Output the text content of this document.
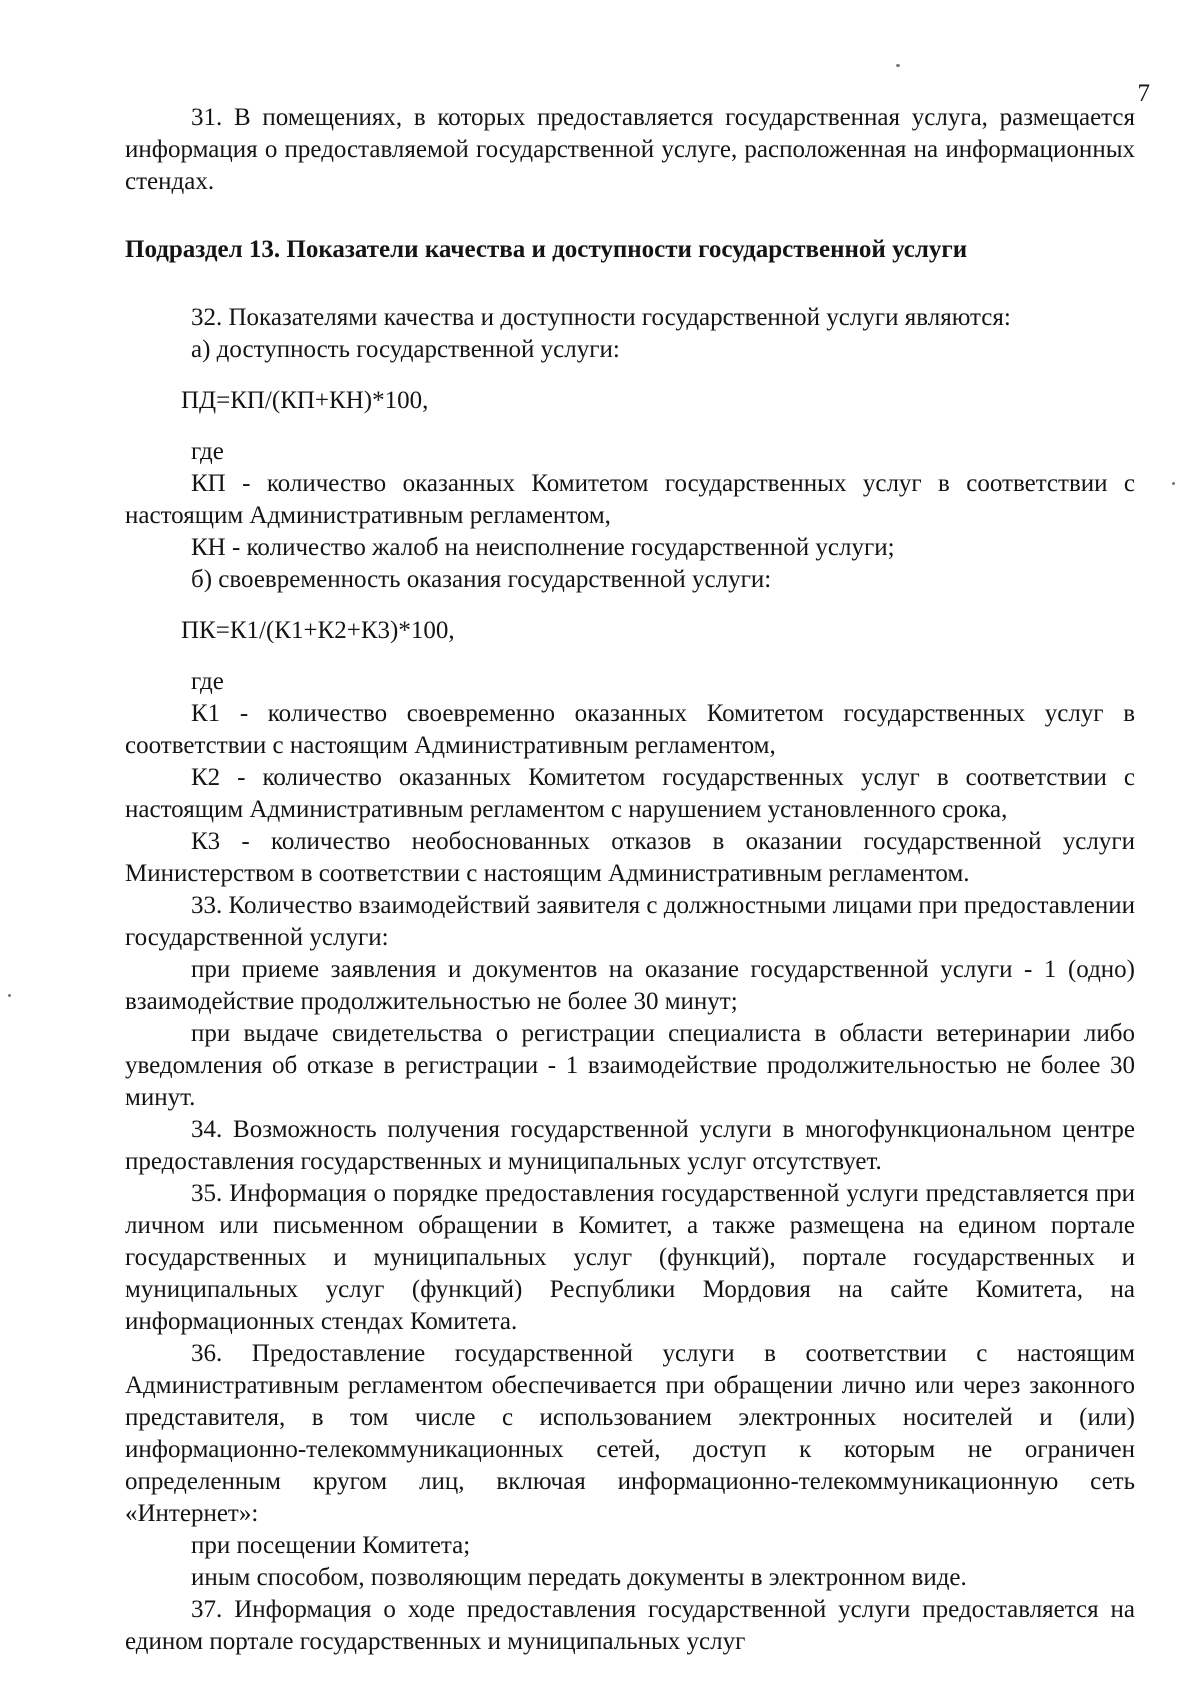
7

31. В помещениях, в которых предоставляется государственная услуга, размещается информация о предоставляемой государственной услуге, расположенная на информационных стендах.

Подраздел 13. Показатели качества и доступности государственной услуги

32. Показателями качества и доступности государственной услуги являются:

а) доступность государственной услуги:

ПД=КП/(КП+КН)*100,

где

КП - количество оказанных Комитетом государственных услуг в соответствии с настоящим Административным регламентом,

КН - количество жалоб на неисполнение государственной услуги;

б) своевременность оказания государственной услуги:

ПК=К1/(К1+К2+К3)*100,

где

К1 - количество своевременно оказанных Комитетом государственных услуг в соответствии с настоящим Административным регламентом,

К2 - количество оказанных Комитетом государственных услуг в соответствии с настоящим Административным регламентом с нарушением установленного срока,

К3 - количество необоснованных отказов в оказании государственной услуги Министерством в соответствии с настоящим Административным регламентом.

33. Количество взаимодействий заявителя с должностными лицами при предоставлении государственной услуги:

при приеме заявления и документов на оказание государственной услуги - 1 (одно) взаимодействие продолжительностью не более 30 минут;

при выдаче свидетельства о регистрации специалиста в области ветеринарии либо уведомления об отказе в регистрации - 1 взаимодействие продолжительностью не более 30 минут.

34. Возможность получения государственной услуги в многофункциональном центре предоставления государственных и муниципальных услуг отсутствует.

35. Информация о порядке предоставления государственной услуги представляется при личном или письменном обращении в Комитет, а также размещена на едином портале государственных и муниципальных услуг (функций), портале государственных и муниципальных услуг (функций) Республики Мордовия на сайте Комитета, на информационных стендах Комитета.

36. Предоставление государственной услуги в соответствии с настоящим Административным регламентом обеспечивается при обращении лично или через законного представителя, в том числе с использованием электронных носителей и (или) информационно-телекоммуникационных сетей, доступ к которым не ограничен определенным кругом лиц, включая информационно-телекоммуникационную сеть «Интернет»:

при посещении Комитета;

иным способом, позволяющим передать документы в электронном виде.

37. Информация о ходе предоставления государственной услуги предоставляется на едином портале государственных и муниципальных услуг
